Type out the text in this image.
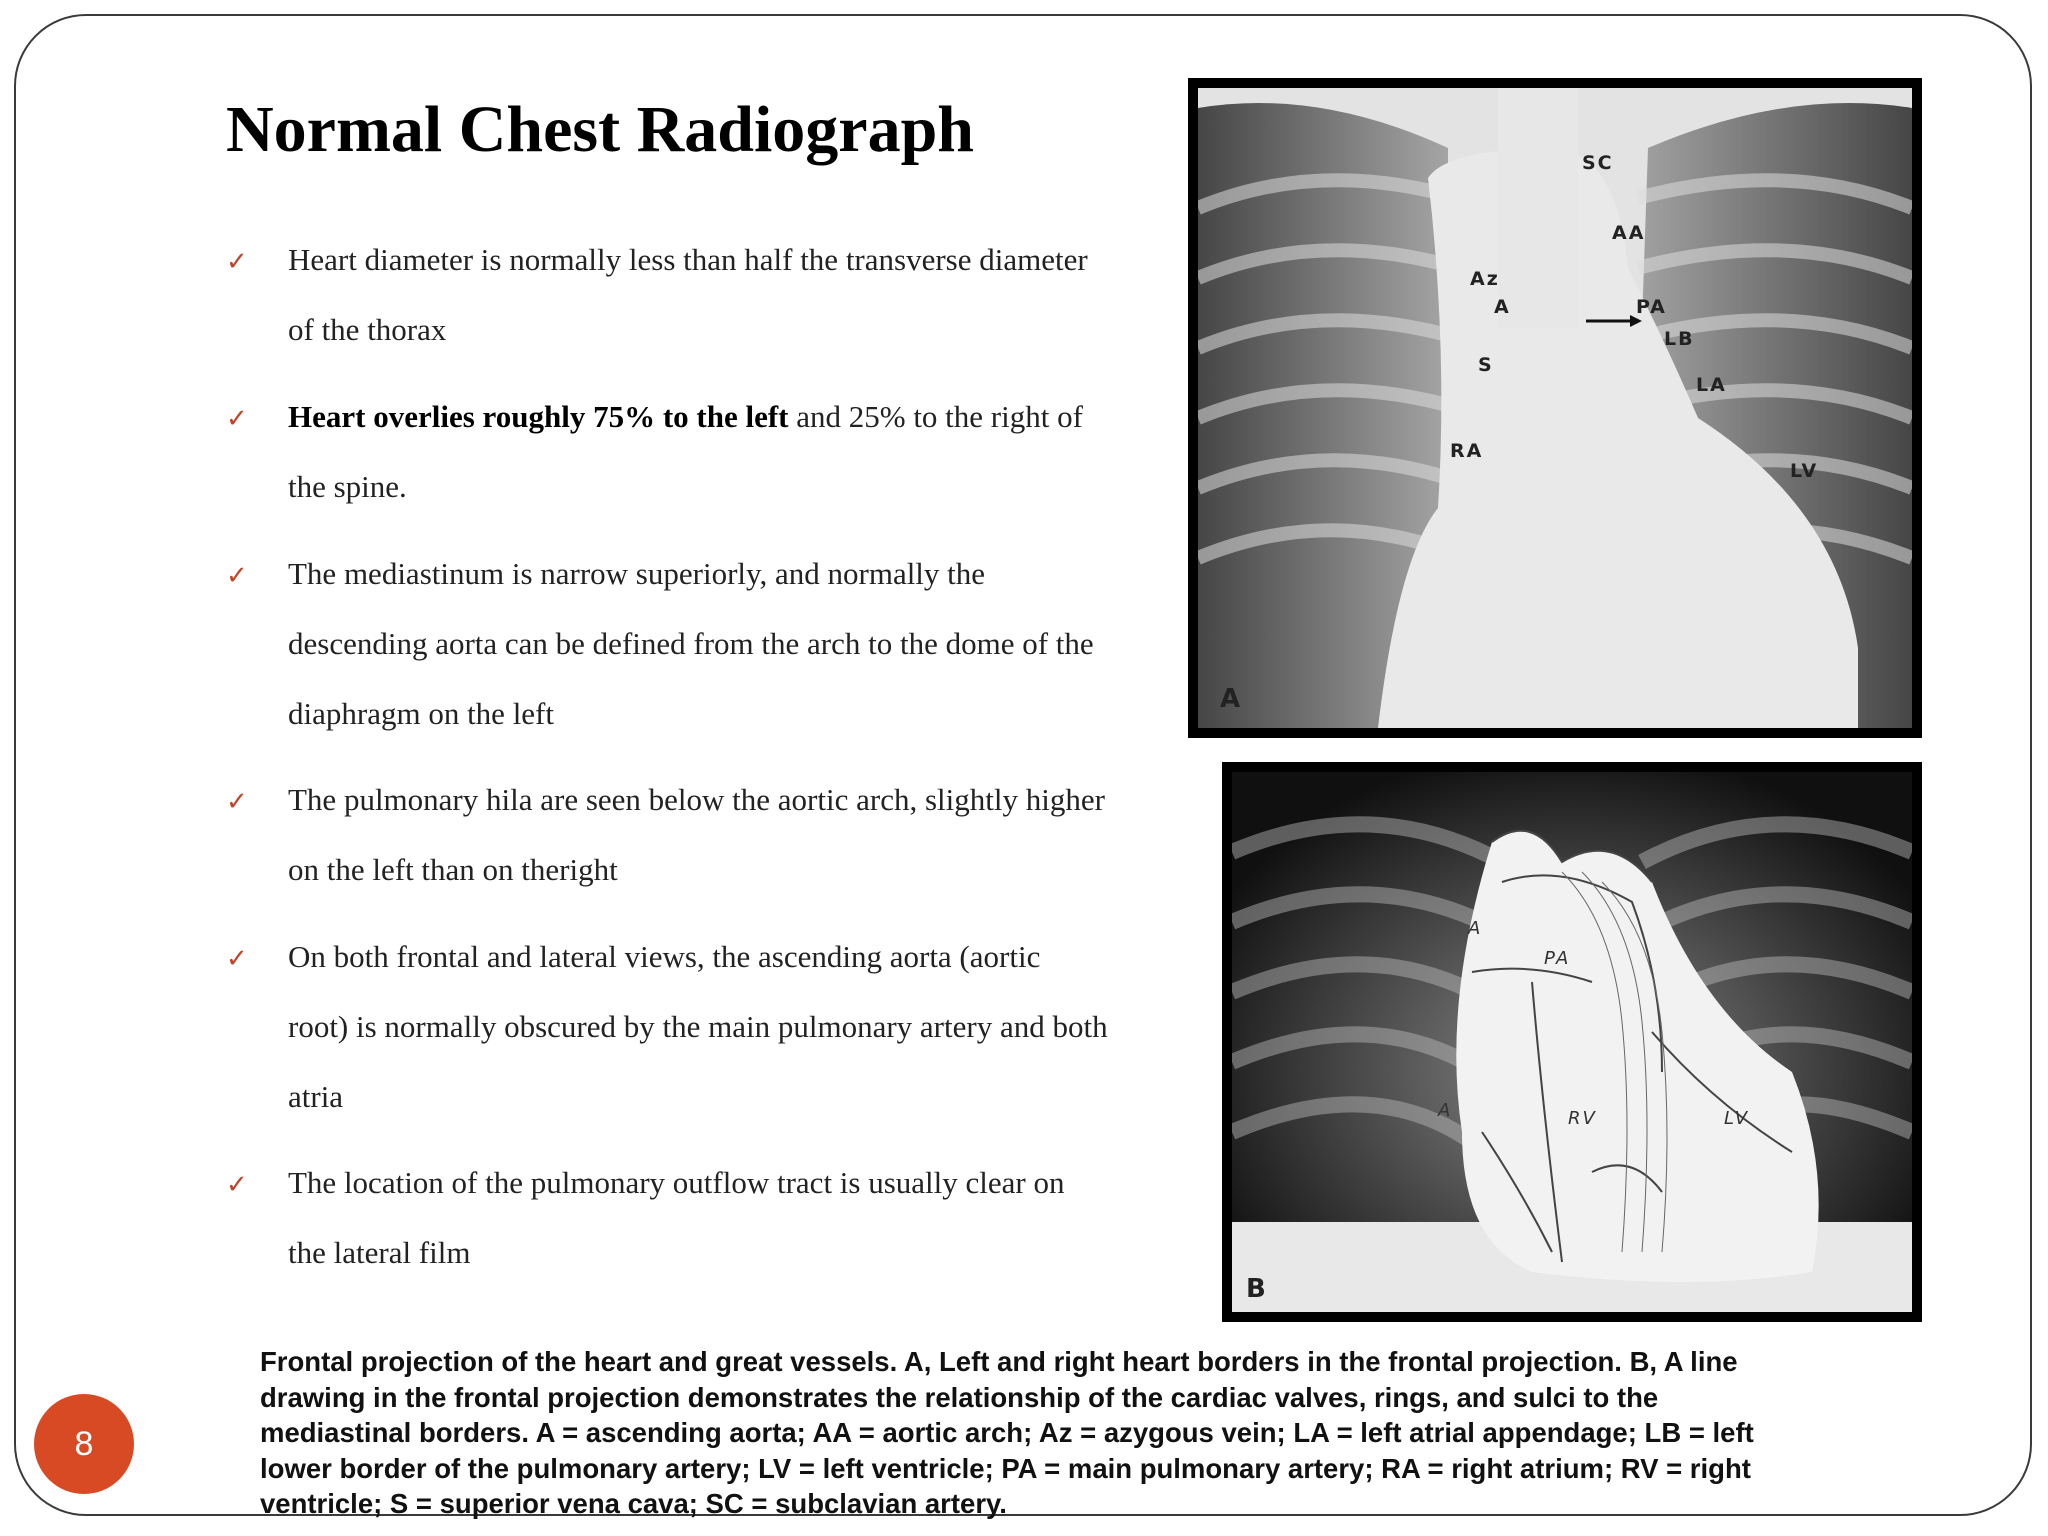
Normal Chest Radiograph
✓ Heart diameter is normally less than half the transverse diameter of the thorax
✓ Heart overlies roughly 75% to the left and 25% to the right of the spine.
✓ The mediastinum is narrow superiorly, and normally the descending aorta can be defined from the arch to the dome of the diaphragm on the left
✓ The pulmonary hila are seen below the aortic arch, slightly higher on the left than on theright
✓ On both frontal and lateral views, the ascending aorta (aortic root) is normally obscured by the main pulmonary artery and both atria
✓ The location of the pulmonary outflow tract is usually clear on the lateral film
SC
AA
Az
A	PA
LB
S
LA
RA
LV
A
A
PA
A	RV	LV
B

Frontal projection of the heart and great vessels. A, Left and right heart borders in the frontal projection. B, A line drawing in the frontal projection demonstrates the relationship of the cardiac valves, rings, and sulci to the mediastinal borders. A = ascending aorta; AA = aortic arch; Az = azygous vein; LA = left atrial appendage; LB = left lower border of the pulmonary artery; LV = left ventricle; PA = main pulmonary artery; RA = right atrium; RV = right ventricle; S = superior vena cava; SC = subclavian artery.

8
